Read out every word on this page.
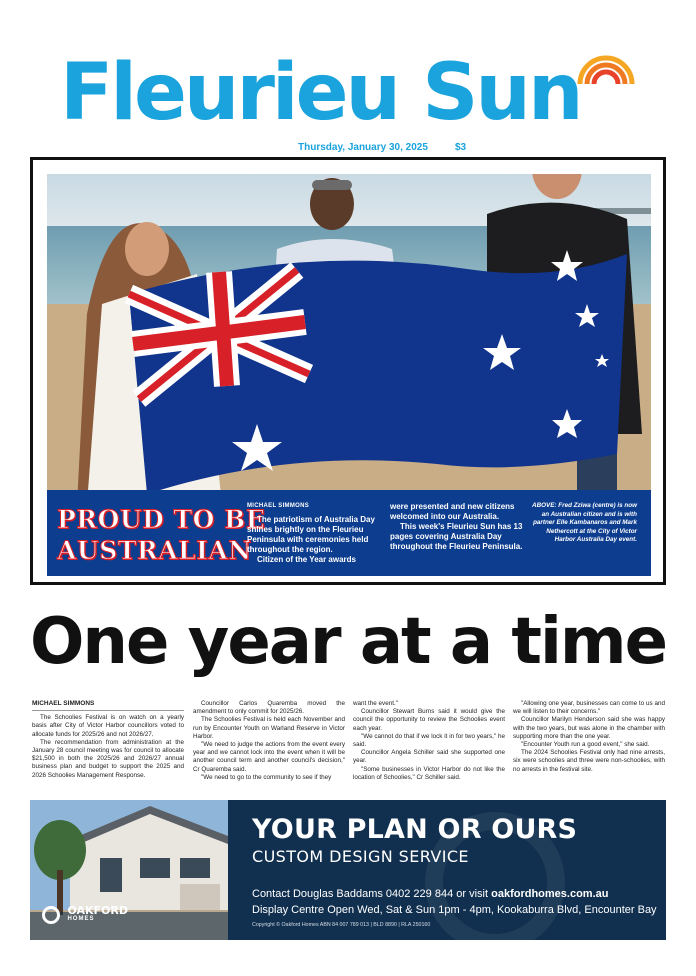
Fleurieu Sun
Thursday, January 30, 2025	$3
PROUD TO BE
AUSTRALIAN
MICHAEL SIMMONS
The patriotism of Australia Day shines brightly on the Fleurieu Peninsula with ceremonies held throughout the region.
Citizen of the Year awards
were presented and new citizens welcomed into our Australia.
This week's Fleurieu Sun has 13 pages covering Australia Day throughout the Fleurieu Peninsula.
ABOVE: Fred Zziwa (centre) is now an Australian citizen and is with partner Elle Kambanaros and Mark Nethercott at the City of Victor Harbor Australia Day event.
One year at a time

MICHAEL SIMMONS

The Schoolies Festival is on watch on a yearly basis after City of Victor Harbor councillors voted to allocate funds for 2025/26 and not 2026/27.

The recommendation from administration at the January 28 council meeting was for council to allocate $21,500 in both the 2025/26 and 2026/27 annual business plan and budget to support the 2025 and 2026 Schoolies Management Response.

Councillor Carlos Quaremba moved the amendment to only commit for 2025/26.

The Schoolies Festival is held each November and run by Encounter Youth on Warland Reserve in Victor Harbor.

"We need to judge the actions from the event every year and we cannot lock into the event when it will be another council term and another council's decision," Cr Quaremba said.

"We need to go to the community to see if they

want the event."

Councillor Stewart Burns said it would give the council the opportunity to review the Schoolies event each year.

"We cannot do that if we lock it in for two years," he said.

Councillor Angela Schiller said she supported one year.

"Some businesses in Victor Harbor do not like the location of Schoolies," Cr Schiller said.

"Allowing one year, businesses can come to us and we will listen to their concerns."

Councillor Marilyn Henderson said she was happy with the two years, but was alone in the chamber with supporting more than the one year.

"Encounter Youth run a good event," she said.

The 2024 Schoolies Festival only had nine arrests, six were schoolies and three were non-schoolies, with no arrests in the festival site.

OAKFORD
HOMES
YOUR PLAN OR OURS
CUSTOM DESIGN SERVICE
Contact Douglas Baddams 0402 229 844 or visit oakfordhomes.com.au
Display Centre Open Wed, Sat & Sun 1pm - 4pm, Kookaburra Blvd, Encounter Bay
Copyright © Oakford Homes ABN 84 007 789 013 | BLD 8890 | RLA 250160
